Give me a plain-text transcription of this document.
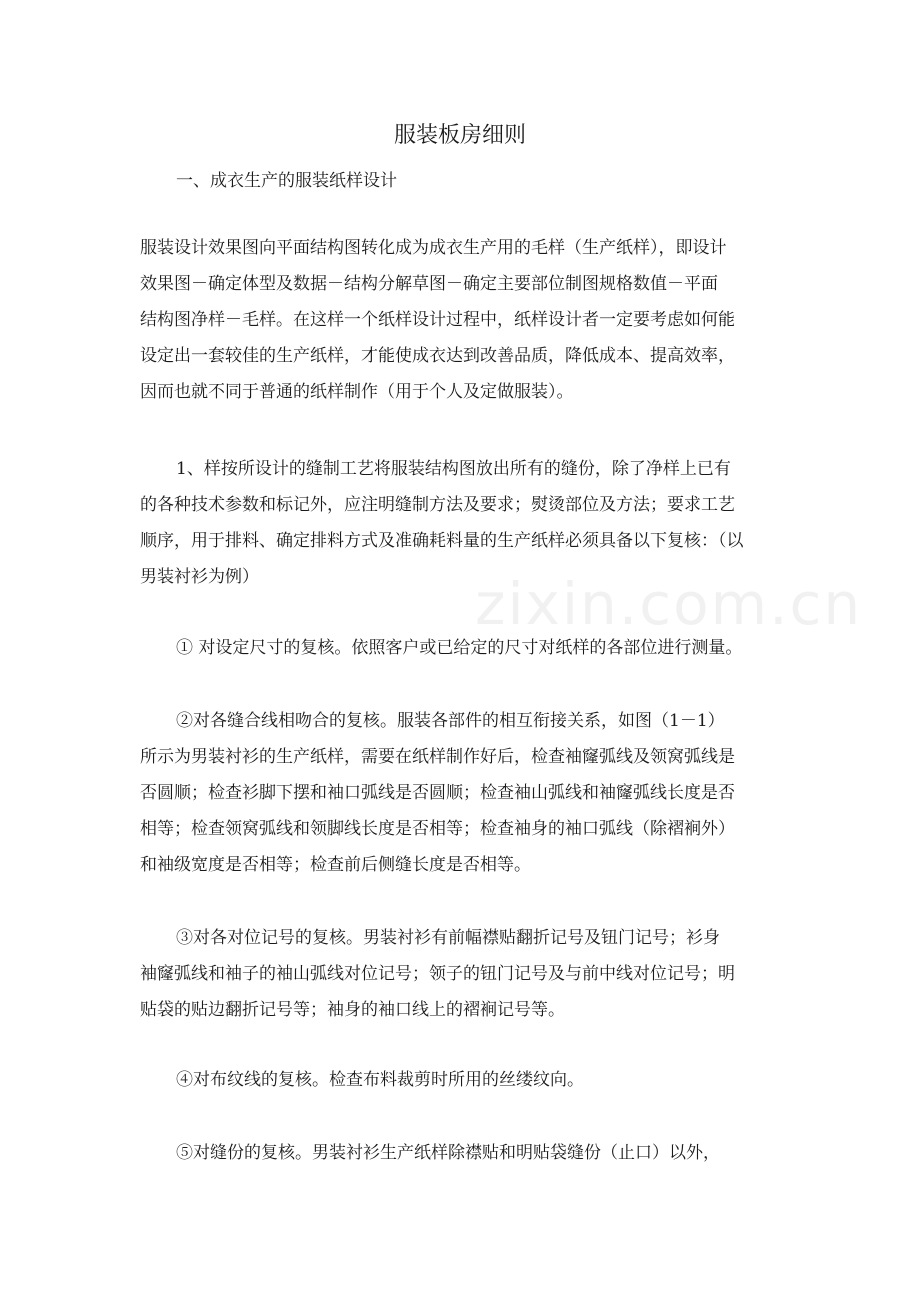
zixin.com.cn
服装板房细则
一、成衣生产的服装纸样设计
服装设计效果图向平面结构图转化成为成衣生产用的毛样（生产纸样），即设计
效果图－确定体型及数据－结构分解草图－确定主要部位制图规格数值－平面
结构图净样－毛样。在这样一个纸样设计过程中，纸样设计者一定要考虑如何能
设定出一套较佳的生产纸样，才能使成衣达到改善品质，降低成本、提高效率，
因而也就不同于普通的纸样制作（用于个人及定做服装）。
1、样按所设计的缝制工艺将服装结构图放出所有的缝份，除了净样上已有
的各种技术参数和标记外，应注明缝制方法及要求；熨烫部位及方法；要求工艺
顺序，用于排料、确定排料方式及准确耗料量的生产纸样必须具备以下复核：（以
男装衬衫为例）
① 对设定尺寸的复核。依照客户或已给定的尺寸对纸样的各部位进行测量。
②对各缝合线相吻合的复核。服装各部件的相互衔接关系，如图（1－1）
所示为男装衬衫的生产纸样，需要在纸样制作好后，检查袖窿弧线及领窝弧线是
否圆顺；检查衫脚下摆和袖口弧线是否圆顺；检查袖山弧线和袖窿弧线长度是否
相等；检查领窝弧线和领脚线长度是否相等；检查袖身的袖口弧线（除褶裥外）
和袖级宽度是否相等；检查前后侧缝长度是否相等。
③对各对位记号的复核。男装衬衫有前幅襟贴翻折记号及钮门记号；衫身
袖窿弧线和袖子的袖山弧线对位记号；领子的钮门记号及与前中线对位记号；明
贴袋的贴边翻折记号等；袖身的袖口线上的褶裥记号等。
④对布纹线的复核。检查布料裁剪时所用的丝缕纹向。
⑤对缝份的复核。男装衬衫生产纸样除襟贴和明贴袋缝份（止口）以外，
